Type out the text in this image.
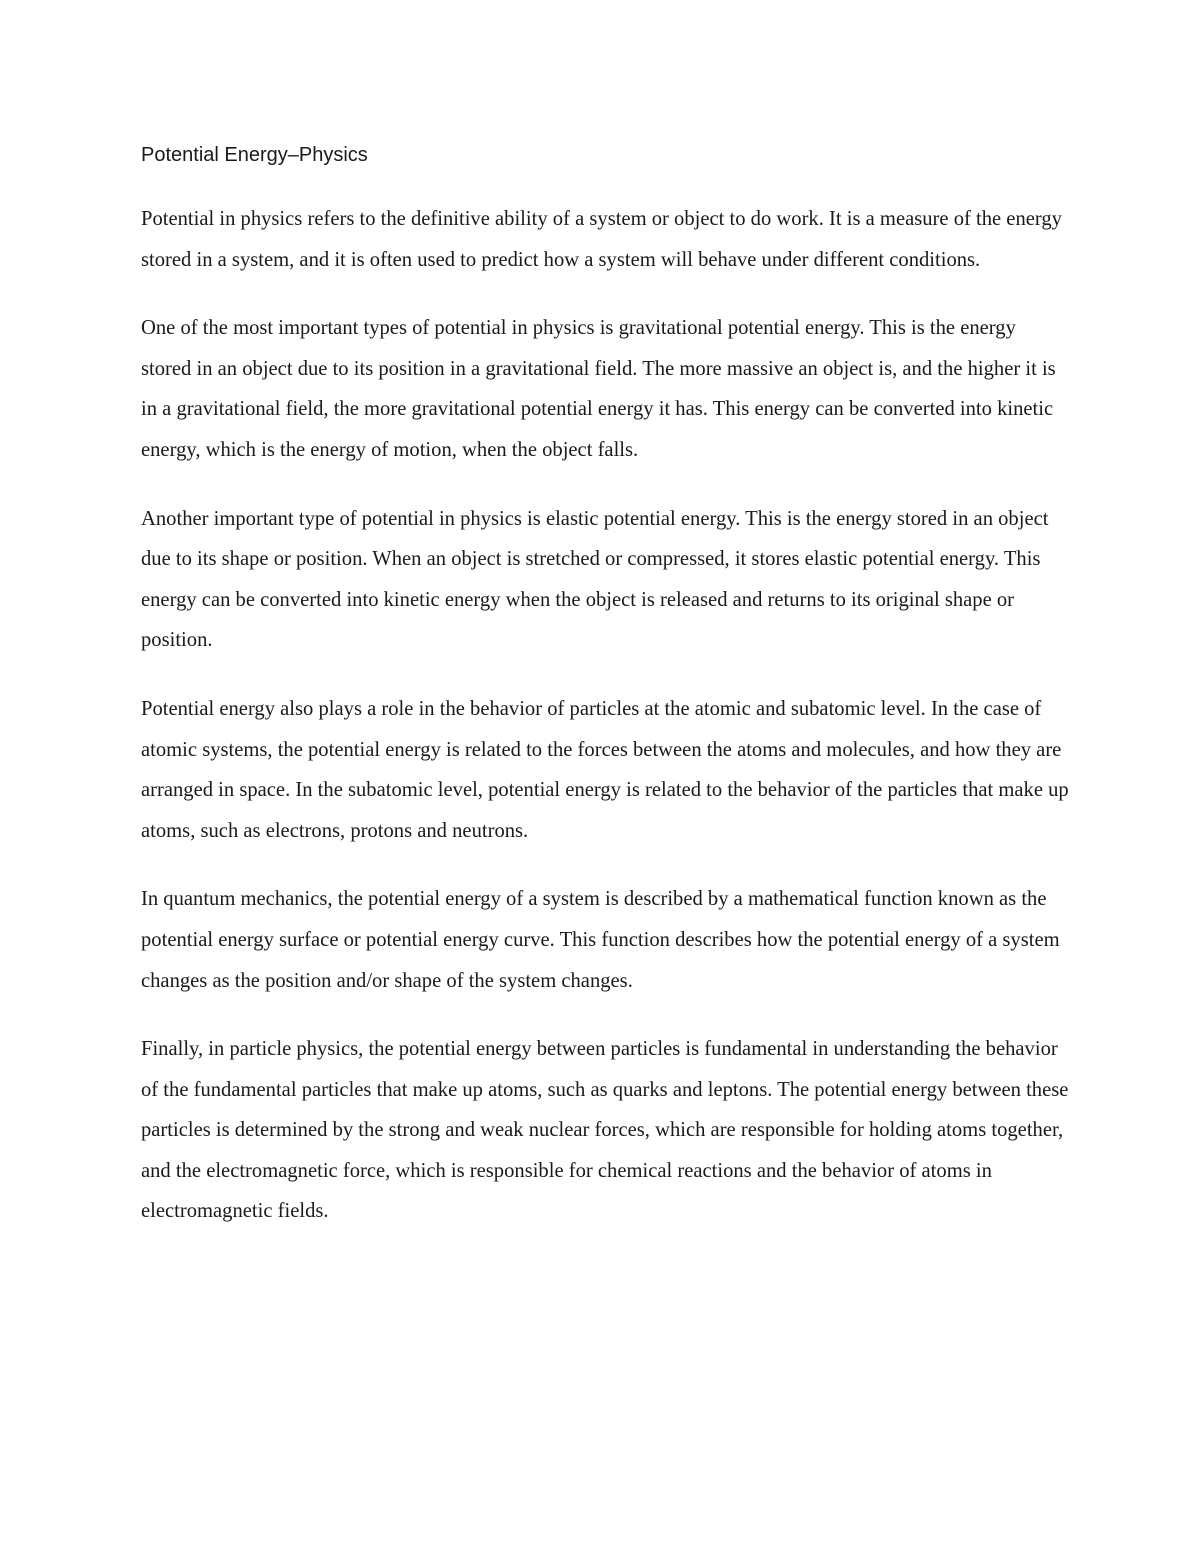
Potential Energy–Physics

Potential in physics refers to the definitive ability of a system or object to do work. It is a measure of the energy stored in a system, and it is often used to predict how a system will behave under different conditions.

One of the most important types of potential in physics is gravitational potential energy. This is the energy stored in an object due to its position in a gravitational field. The more massive an object is, and the higher it is in a gravitational field, the more gravitational potential energy it has. This energy can be converted into kinetic energy, which is the energy of motion, when the object falls.

Another important type of potential in physics is elastic potential energy. This is the energy stored in an object due to its shape or position. When an object is stretched or compressed, it stores elastic potential energy. This energy can be converted into kinetic energy when the object is released and returns to its original shape or position.

Potential energy also plays a role in the behavior of particles at the atomic and subatomic level. In the case of atomic systems, the potential energy is related to the forces between the atoms and molecules, and how they are arranged in space. In the subatomic level, potential energy is related to the behavior of the particles that make up atoms, such as electrons, protons and neutrons.

In quantum mechanics, the potential energy of a system is described by a mathematical function known as the potential energy surface or potential energy curve. This function describes how the potential energy of a system changes as the position and/or shape of the system changes.

Finally, in particle physics, the potential energy between particles is fundamental in understanding the behavior of the fundamental particles that make up atoms, such as quarks and leptons. The potential energy between these particles is determined by the strong and weak nuclear forces, which are responsible for holding atoms together, and the electromagnetic force, which is responsible for chemical reactions and the behavior of atoms in electromagnetic fields.
